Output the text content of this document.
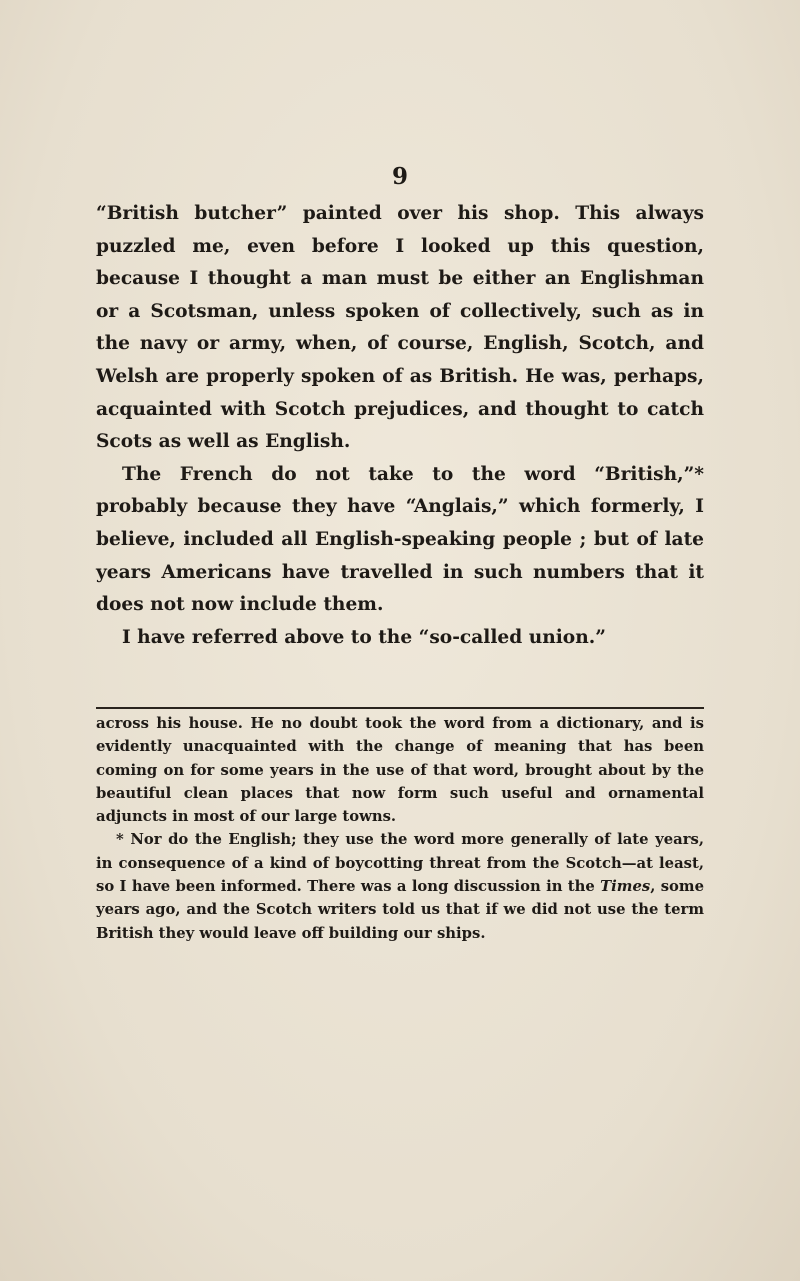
9

“British butcher” painted over his shop. This always puzzled me, even before I looked up this question, because I thought a man must be either an Englishman or a Scotsman, unless spoken of collectively, such as in the navy or army, when, of course, English, Scotch, and Welsh are properly spoken of as British. He was, perhaps, acquainted with Scotch prejudices, and thought to catch Scots as well as English.

The French do not take to the word “British,”* probably because they have “Anglais,” which formerly, I believe, included all English-speaking people ; but of late years Americans have travelled in such numbers that it does not now include them.

I have referred above to the “so-called union.”

across his house. He no doubt took the word from a dictionary, and is evidently unacquainted with the change of meaning that has been coming on for some years in the use of that word, brought about by the beautiful clean places that now form such useful and ornamental adjuncts in most of our large towns.

* Nor do the English; they use the word more generally of late years, in consequence of a kind of boycotting threat from the Scotch—at least, so I have been informed. There was a long discussion in the Times, some years ago, and the Scotch writers told us that if we did not use the term British they would leave off building our ships.
